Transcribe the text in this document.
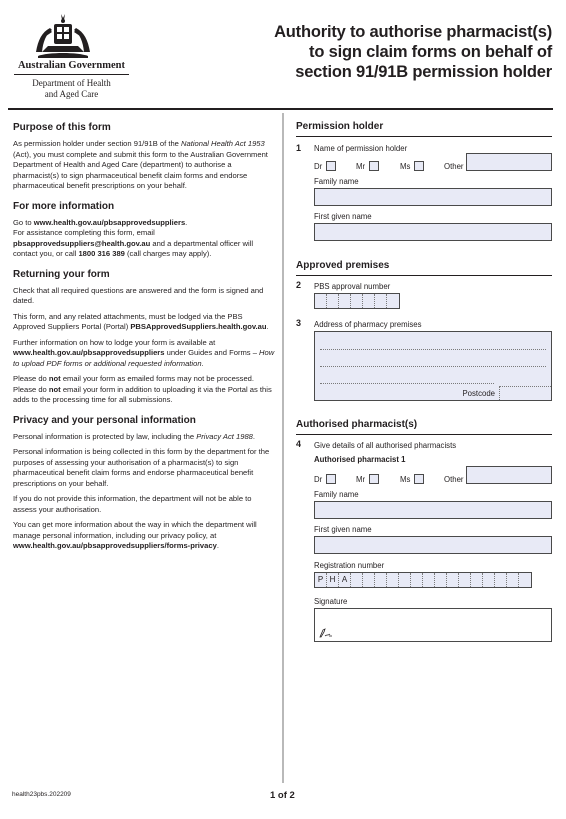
Australian Government
Department of Health
and Aged Care
Authority to authorise pharmacist(s)
to sign claim forms on behalf of
section 91/91B permission holder
Purpose of this form

As permission holder under section 91/91B of the National Health Act 1953 (Act), you must complete and submit this form to the Australian Government Department of Health and Aged Care (department) to authorise a pharmacist(s) to sign pharmaceutical benefit claim forms and endorse pharmaceutical benefit prescriptions on your behalf.

For more information

Go to www.health.gov.au/pbsapprovedsuppliers.
For assistance completing this form, email pbsapprovedsuppliers@health.gov.au and a departmental officer will contact you, or call 1800 316 389 (call charges may apply).

Returning your form

Check that all required questions are answered and the form is signed and dated.

This form, and any related attachments, must be lodged via the PBS Approved Suppliers Portal (Portal) PBSApprovedSuppliers.health.gov.au.

Further information on how to lodge your form is available at www.health.gov.au/pbsapprovedsuppliers under Guides and Forms – How to upload PDF forms or additional requested information.

Please do not email your form as emailed forms may not be processed. Please do not email your form in addition to uploading it via the Portal as this adds to the processing time for all submissions.

Privacy and your personal information

Personal information is protected by law, including the Privacy Act 1988.

Personal information is being collected in this form by the department for the purposes of assessing your authorisation of a pharmacist(s) to sign pharmaceutical benefit claim forms and endorse pharmaceutical benefit prescriptions on your behalf.

If you do not provide this information, the department will not be able to assess your authorisation.

You can get more information about the way in which the department will manage personal information, including our privacy policy, at www.health.gov.au/pbsapprovedsuppliers/forms-privacy.

Permission holder
1 Name of permission holder
Dr	Mr	Ms	Other
Family name
First given name
Approved premises
2 PBS approval number
3 Address of pharmacy premises
Postcode
Authorised pharmacist(s)
4 Give details of all authorised pharmacists
Authorised pharmacist 1
Dr	Mr	Ms	Other
Family name
First given name
Registration number
P H A
Signature
health23pbs.202209	1 of 2
